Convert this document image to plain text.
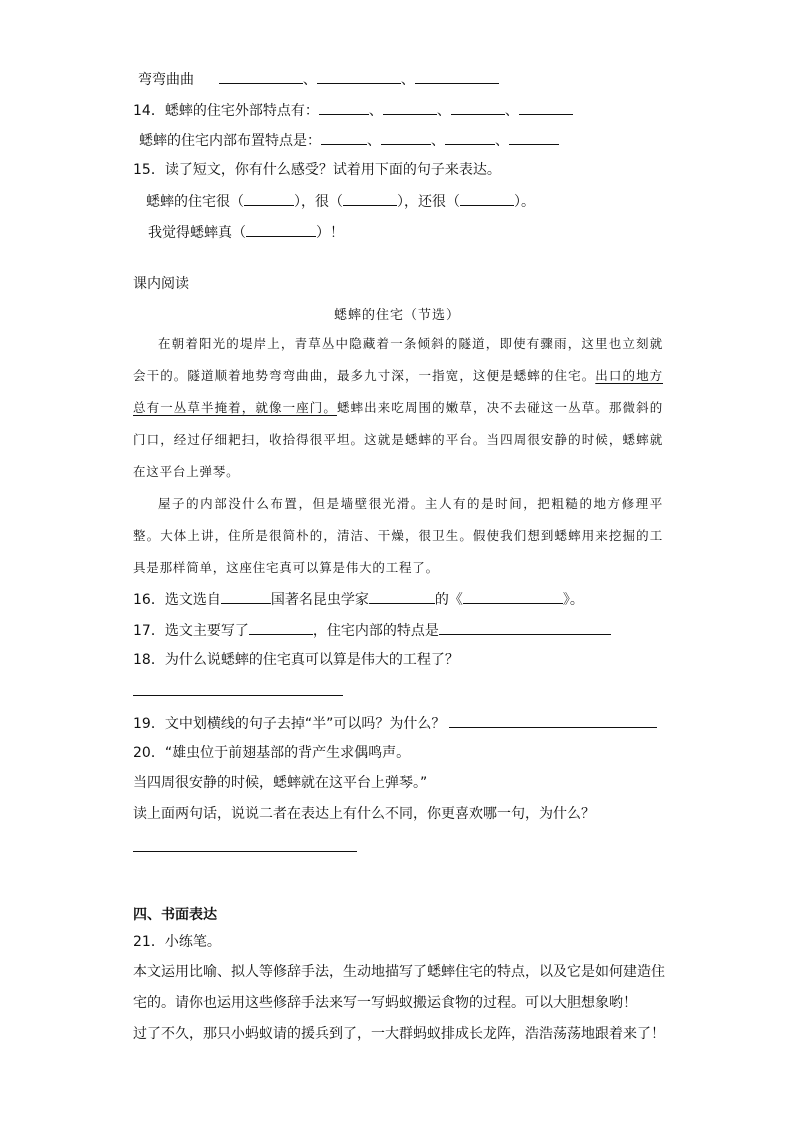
弯弯曲曲	、	、
14．蟋蟀的住宅外部特点有：	、	、	、
蟋蟀的住宅内部布置特点是：	、	、	、
15．读了短文，你有什么感受？试着用下面的句子来表达。
蟋蟀的住宅很（	），很（	），还很（	）。
我觉得蟋蟀真（	）！
课内阅读
蟋蟀的住宅（节选）

在朝着阳光的堤岸上，青草丛中隐藏着一条倾斜的隧道，即使有骤雨，这里也立刻就会干的。隧道顺着地势弯弯曲曲，最多九寸深，一指宽，这便是蟋蟀的住宅。出口的地方总有一丛草半掩着，就像一座门。蟋蟀出来吃周围的嫩草，决不去碰这一丛草。那微斜的门口，经过仔细耙扫，收拾得很平坦。这就是蟋蟀的平台。当四周很安静的时候，蟋蟀就在这平台上弹琴。

屋子的内部没什么布置，但是墙壁很光滑。主人有的是时间，把粗糙的地方修理平整。大体上讲，住所是很简朴的，清洁、干燥，很卫生。假使我们想到蟋蟀用来挖掘的工具是那样简单，这座住宅真可以算是伟大的工程了。

16．选文选自	国著名昆虫学家	的《	》。
17．选文主要写了	，住宅内部的特点是
18．为什么说蟋蟀的住宅真可以算是伟大的工程了？
19．文中划横线的句子去掉“半”可以吗？为什么？
20．“雄虫位于前翅基部的背产生求偶鸣声。
当四周很安静的时候，蟋蟀就在这平台上弹琴。”
读上面两句话，说说二者在表达上有什么不同，你更喜欢哪一句，为什么？
四、书面表达
21．小练笔。
本文运用比喻、拟人等修辞手法，生动地描写了蟋蟀住宅的特点，以及它是如何建造住
宅的。请你也运用这些修辞手法来写一写蚂蚁搬运食物的过程。可以大胆想象哟！
过了不久，那只小蚂蚁请的援兵到了，一大群蚂蚁排成长龙阵，浩浩荡荡地跟着来了！
